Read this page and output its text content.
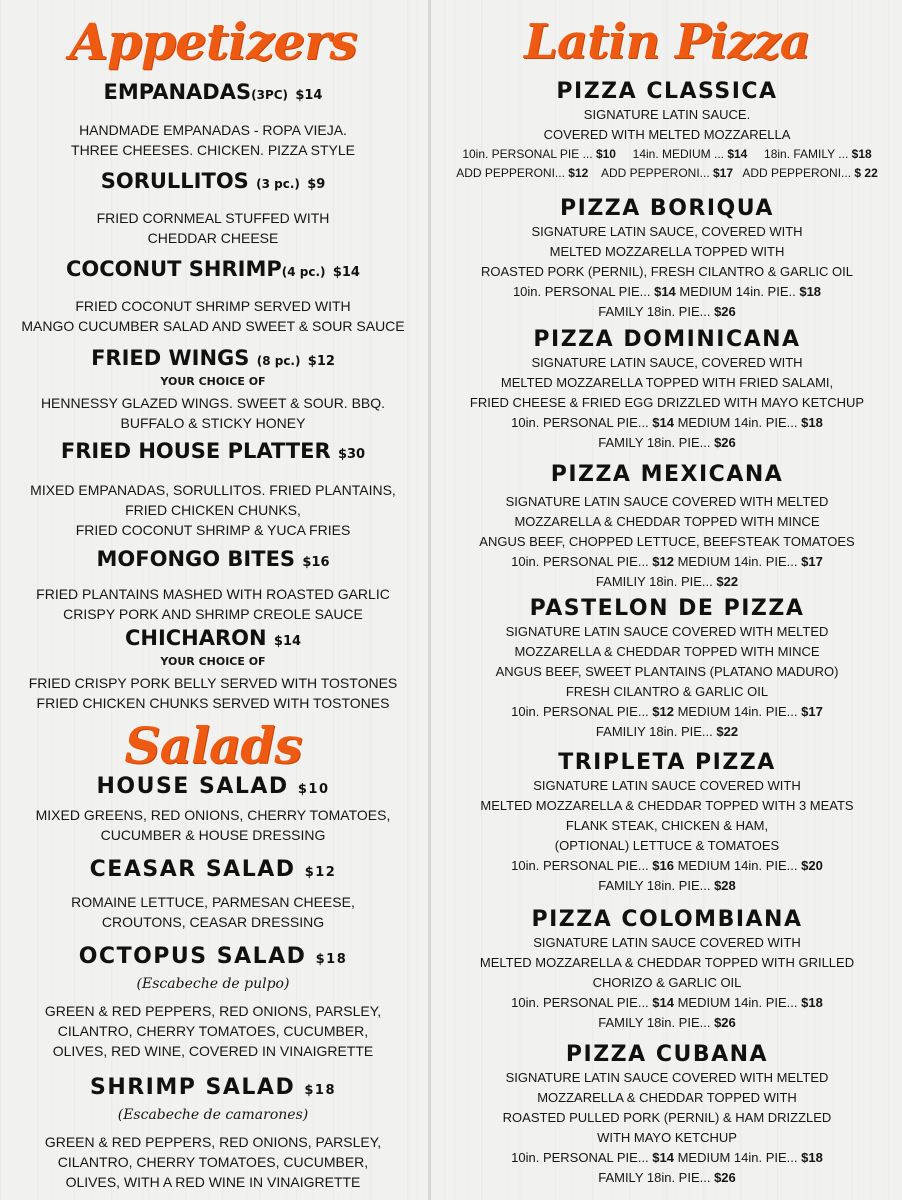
Appetizers
EMPANADAS(3PC) $14
HANDMADE EMPANADAS - ROPA VIEJA.
THREE CHEESES. CHICKEN. PIZZA STYLE
SORULLITOS (3 pc.) $9
FRIED CORNMEAL STUFFED WITH
CHEDDAR CHEESE
COCONUT SHRIMP(4 pc.) $14
FRIED COCONUT SHRIMP SERVED WITH
MANGO CUCUMBER SALAD AND SWEET & SOUR SAUCE
FRIED WINGS (8 pc.) $12
YOUR CHOICE OF
HENNESSY GLAZED WINGS. SWEET & SOUR. BBQ.
BUFFALO & STICKY HONEY
FRIED HOUSE PLATTER $30
MIXED EMPANADAS, SORULLITOS. FRIED PLANTAINS,
FRIED CHICKEN CHUNKS,
FRIED COCONUT SHRIMP & YUCA FRIES
MOFONGO BITES $16
FRIED PLANTAINS MASHED WITH ROASTED GARLIC
CRISPY PORK AND SHRIMP CREOLE SAUCE
CHICHARON $14
YOUR CHOICE OF
FRIED CRISPY PORK BELLY SERVED WITH TOSTONES
FRIED CHICKEN CHUNKS SERVED WITH TOSTONES
Salads
HOUSE SALAD $10
MIXED GREENS, RED ONIONS, CHERRY TOMATOES,
CUCUMBER & HOUSE DRESSING
CEASAR SALAD $12
ROMAINE LETTUCE, PARMESAN CHEESE,
CROUTONS, CEASAR DRESSING
OCTOPUS SALAD $18
(Escabeche de pulpo)
GREEN & RED PEPPERS, RED ONIONS, PARSLEY,
CILANTRO, CHERRY TOMATOES, CUCUMBER,
OLIVES, RED WINE, COVERED IN VINAIGRETTE
SHRIMP SALAD $18
(Escabeche de camarones)
GREEN & RED PEPPERS, RED ONIONS, PARSLEY,
CILANTRO, CHERRY TOMATOES, CUCUMBER,
OLIVES, WITH A RED WINE IN VINAIGRETTE
Latin Pizza
PIZZA CLASSICA
SIGNATURE LATIN SAUCE.
COVERED WITH MELTED MOZZARELLA
10in. PERSONAL PIE ... $10     14in. MEDIUM ... $14     18in. FAMILY ... $18
ADD PEPPERONI... $12    ADD PEPPERONI... $17   ADD PEPPERONI... $ 22
PIZZA BORIQUA
SIGNATURE LATIN SAUCE, COVERED WITH
MELTED MOZZARELLA TOPPED WITH
ROASTED PORK (PERNIL), FRESH CILANTRO & GARLIC OIL
10in. PERSONAL PIE... $14 MEDIUM 14in. PIE.. $18
FAMILY 18in. PIE... $26
PIZZA DOMINICANA
SIGNATURE LATIN SAUCE, COVERED WITH
MELTED MOZZARELLA TOPPED WITH FRIED SALAMI,
FRIED CHEESE & FRIED EGG DRIZZLED WITH MAYO KETCHUP
10in. PERSONAL PIE... $14 MEDIUM 14in. PIE... $18
FAMILY 18in. PIE... $26
PIZZA MEXICANA
SIGNATURE LATIN SAUCE COVERED WITH MELTED
MOZZARELLA & CHEDDAR TOPPED WITH MINCE
ANGUS BEEF, CHOPPED LETTUCE, BEEFSTEAK TOMATOES
10in. PERSONAL PIE... $12 MEDIUM 14in. PIE... $17
FAMILIY 18in. PIE... $22
PASTELON DE PIZZA
SIGNATURE LATIN SAUCE COVERED WITH MELTED
MOZZARELLA & CHEDDAR TOPPED WITH MINCE
ANGUS BEEF, SWEET PLANTAINS (PLATANO MADURO)
FRESH CILANTRO & GARLIC OIL
10in. PERSONAL PIE... $12 MEDIUM 14in. PIE... $17
FAMILIY 18in. PIE... $22
TRIPLETA PIZZA
SIGNATURE LATIN SAUCE COVERED WITH
MELTED MOZZARELLA & CHEDDAR TOPPED WITH 3 MEATS
FLANK STEAK, CHICKEN & HAM,
(OPTIONAL) LETTUCE & TOMATOES
10in. PERSONAL PIE... $16 MEDIUM 14in. PIE... $20
FAMILY 18in. PIE... $28
PIZZA COLOMBIANA
SIGNATURE LATIN SAUCE COVERED WITH
MELTED MOZZARELLA & CHEDDAR TOPPED WITH GRILLED
CHORIZO & GARLIC OIL
10in. PERSONAL PIE... $14 MEDIUM 14in. PIE... $18
FAMILY 18in. PIE... $26
PIZZA CUBANA
SIGNATURE LATIN SAUCE COVERED WITH MELTED
MOZZARELLA & CHEDDAR TOPPED WITH
ROASTED PULLED PORK (PERNIL) & HAM DRIZZLED
WITH MAYO KETCHUP
10in. PERSONAL PIE... $14 MEDIUM 14in. PIE... $18
FAMILY 18in. PIE... $26
